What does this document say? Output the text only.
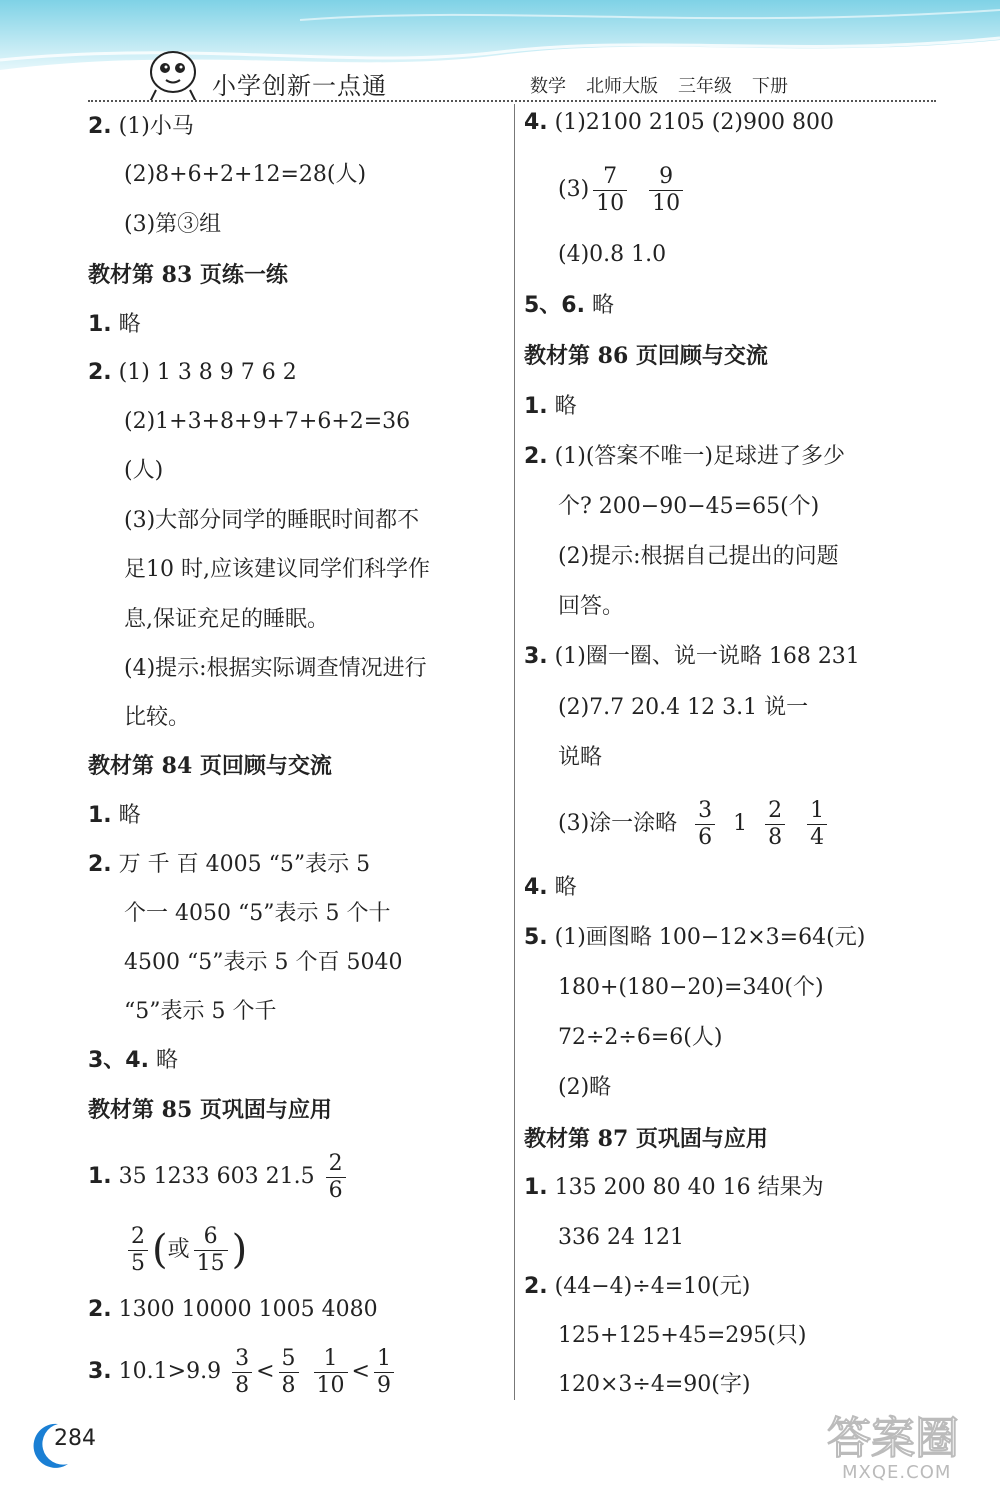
小学创新一点通	数学 北师大版 三年级 下册
2. (1)小马
(2)8+6+2+12=28(人)
(3)第③组
教材第 83 页练一练
1. 略
2. (1) 1 3 8 9 7 6 2
(2)1+3+8+9+7+6+2=36
(人)
(3)大部分同学的睡眠时间都不
足10 时,应该建议同学们科学作
息,保证充足的睡眠。
(4)提示:根据实际调查情况进行
比较。
教材第 84 页回顾与交流
1. 略
2. 万 千 百 4005 “5”表示 5
个一 4050 “5”表示 5 个十
4500 “5”表示 5 个百 5040
“5”表示 5 个千
3、4. 略
教材第 85 页巩固与应用
1. 35 1233 603 $21.5 \frac{2}{6}$
$\frac{2}{5}$ (或 $\frac{6}{15}$ )
2. 1300 10000 1005 4080
3. $10.1>9.9 \frac{3}{8} < \frac{5}{8}$
$\frac{1}{10} < \frac{1}{9}$
4. (1)2100 2105 (2)900 800
$(3) \frac{7}{10}$
$\frac{9}{10}$
(4)0.8 1.0
5、6. 略
教材第 86 页回顾与交流
1. 略
2. (1)(答案不唯一)足球进了多少
个? 200−90−45=65(个)
(2)提示:根据自己提出的问题
回答。
3. (1)圈一圈、说一说略 168 231
(2)7.7 20.4 12 3.1 说一
说略
(3)涂一涂略 $\frac{3}{6} 1 \frac{2}{8}$
$\frac{1}{4}$
4. 略
5. (1)画图略 100−12×3=64(元)
180+(180−20)=340(个)
72÷2÷6=6(人)
(2)略
教材第 87 页巩固与应用
1. 135 200 80 40 16 结果为
336 24 121
2. (44−4)÷4=10(元)
125+125+45=295(只)
120×3÷4=90(字)
284	答案圈
MXQE.COM
